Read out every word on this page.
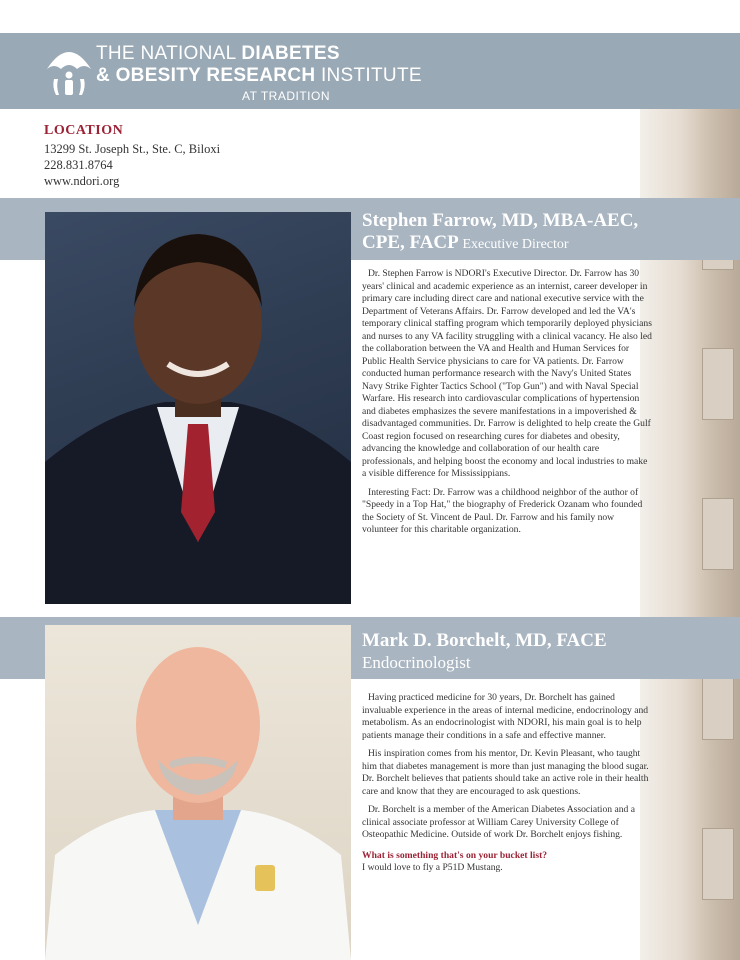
THE NATIONAL DIABETES
& OBESITY RESEARCH INSTITUTE
AT TRADITION
LOCATION
13299 St. Joseph St., Ste. C, Biloxi
228.831.8764
www.ndori.org
Stephen Farrow, MD, MBA-AEC, CPE, FACP Executive Director

Dr. Stephen Farrow is NDORI's Executive Director. Dr. Farrow has 30 years' clinical and academic experience as an internist, career developer in primary care including direct care and national executive service with the Department of Veterans Affairs. Dr. Farrow developed and led the VA's temporary clinical staffing program which temporarily deployed physicians and nurses to any VA facility struggling with a clinical vacancy. He also led the collaboration between the VA and Health and Human Services for Public Health Service physicians to care for VA patients. Dr. Farrow conducted human performance research with the Navy's United States Navy Strike Fighter Tactics School ("Top Gun") and with Naval Special Warfare. His research into cardiovascular complications of hypertension and diabetes emphasizes the severe manifestations in a impoverished & disadvantaged communities. Dr. Farrow is delighted to help create the Gulf Coast region focused on researching cures for diabetes and obesity, advancing the knowledge and collaboration of our health care professionals, and helping boost the economy and local industries to make a visible difference for Mississippians.

Interesting Fact: Dr. Farrow was a childhood neighbor of the author of "Speedy in a Top Hat," the biography of Frederick Ozanam who founded the Society of St. Vincent de Paul. Dr. Farrow and his family now volunteer for this charitable organization.

Mark D. Borchelt, MD, FACE
Endocrinologist

Having practiced medicine for 30 years, Dr. Borchelt has gained invaluable experience in the areas of internal medicine, endocrinology and metabolism. As an endocrinologist with NDORI, his main goal is to help patients manage their conditions in a safe and effective manner.

His inspiration comes from his mentor, Dr. Kevin Pleasant, who taught him that diabetes management is more than just managing the blood sugar. Dr. Borchelt believes that patients should take an active role in their health care and know that they are encouraged to ask questions.

Dr. Borchelt is a member of the American Diabetes Association and a clinical associate professor at William Carey University College of Osteopathic Medicine. Outside of work Dr. Borchelt enjoys fishing.

What is something that's on your bucket list?
I would love to fly a P51D Mustang.
